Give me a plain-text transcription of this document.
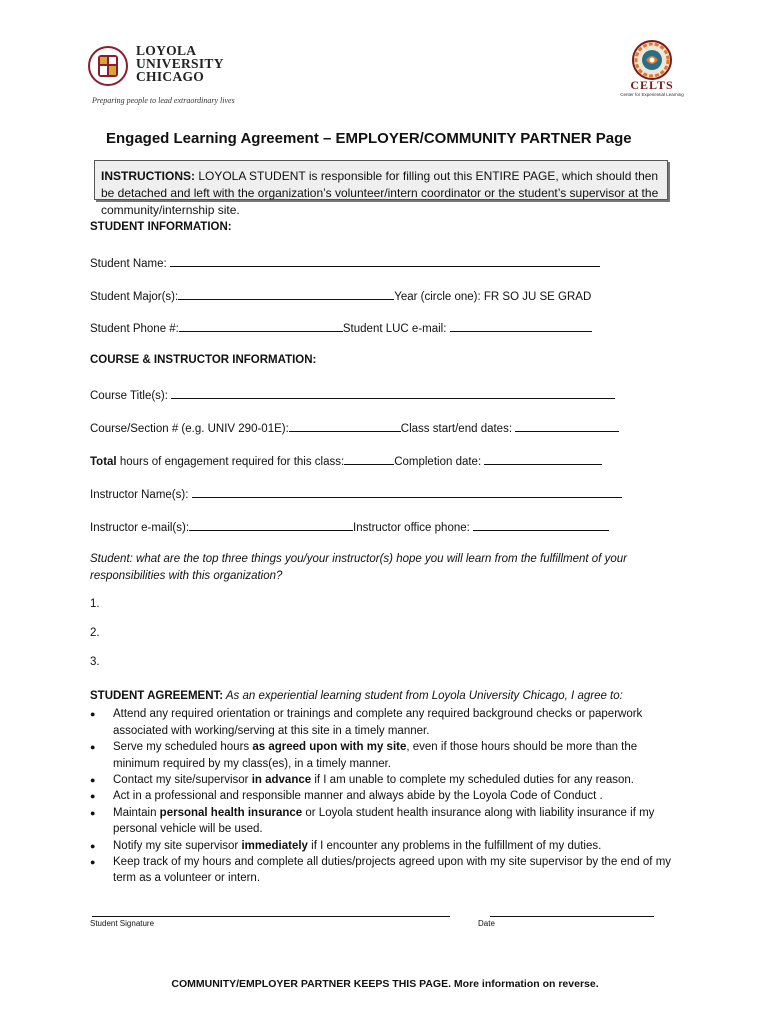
LOYOLA
UNIVERSITY
CHICAGO
Preparing people to lead extraordinary lives
CELTS
Center for Experiential Learning
Engaged Learning Agreement – EMPLOYER/COMMUNITY PARTNER Page
INSTRUCTIONS: LOYOLA STUDENT is responsible for filling out this ENTIRE PAGE, which should then be detached and left with the organization’s volunteer/intern coordinator or the student’s supervisor at the community/internship site.
STUDENT INFORMATION:
Student Name:
Student Major(s):	Year (circle one): FR SO JU SE GRAD
Student Phone #:	Student LUC e-mail:
COURSE & INSTRUCTOR INFORMATION:
Course Title(s):
Course/Section # (e.g. UNIV 290-01E):	Class start/end dates:
Total hours of engagement required for this class:	Completion date:
Instructor Name(s):
Instructor e-mail(s):	Instructor office phone:
Student: what are the top three things you/your instructor(s) hope you will learn from the fulfillment of your responsibilities with this organization?
1.
2.
3.
STUDENT AGREEMENT: As an experiential learning student from Loyola University Chicago, I agree to:
● Attend any required orientation or trainings and complete any required background checks or paperwork associated with working/serving at this site in a timely manner.
● Serve my scheduled hours as agreed upon with my site, even if those hours should be more than the minimum required by my class(es), in a timely manner.
● Contact my site/supervisor in advance if I am unable to complete my scheduled duties for any reason.
● Act in a professional and responsible manner and always abide by the Loyola Code of Conduct .
● Maintain personal health insurance or Loyola student health insurance along with liability insurance if my personal vehicle will be used.
● Notify my site supervisor immediately if I encounter any problems in the fulfillment of my duties.
● Keep track of my hours and complete all duties/projects agreed upon with my site supervisor by the end of my term as a volunteer or intern.
Student Signature	Date
COMMUNITY/EMPLOYER PARTNER KEEPS THIS PAGE. More information on reverse.
